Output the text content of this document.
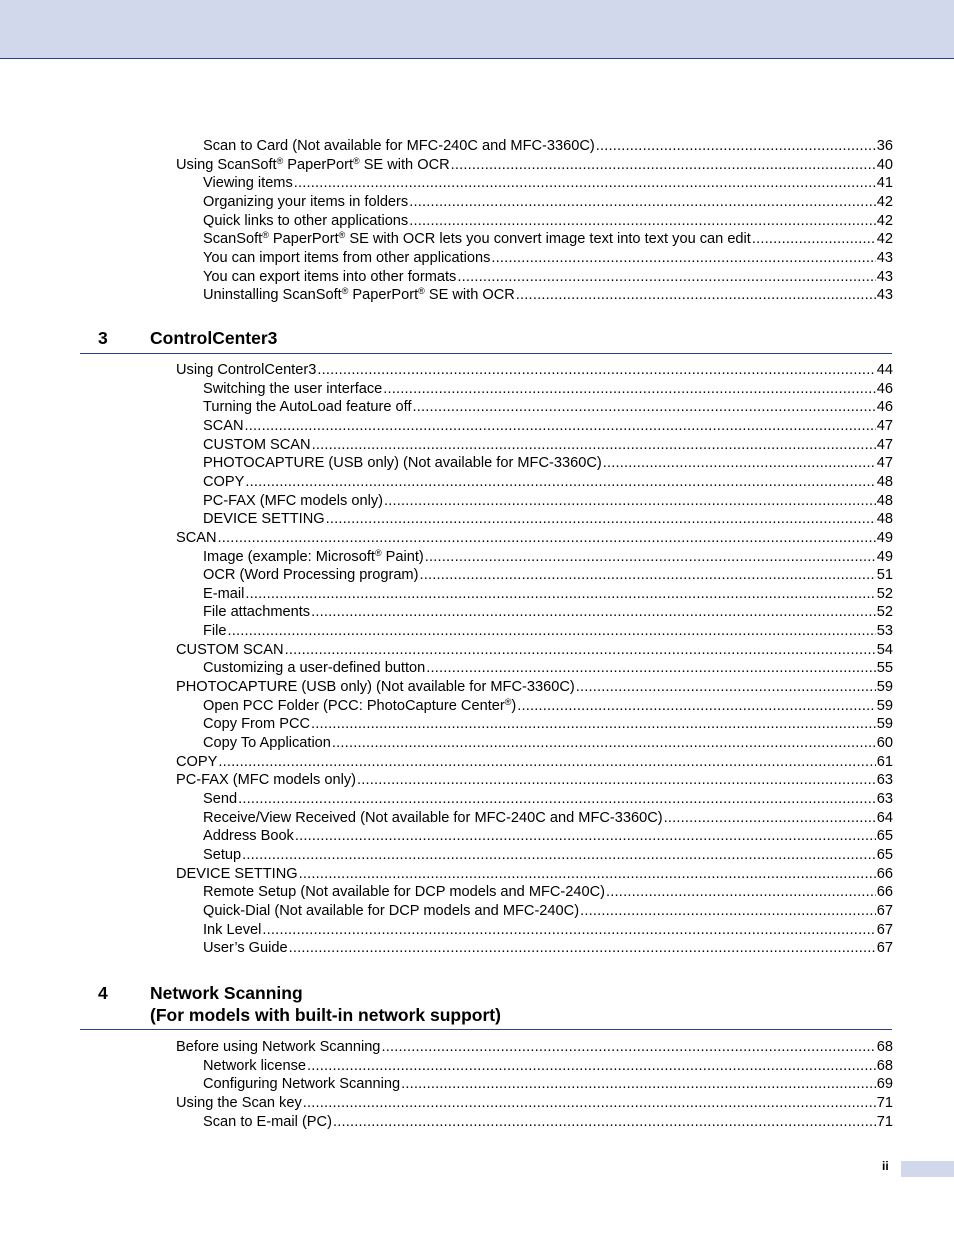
Scan to Card (Not available for MFC-240C and MFC-3360C) .....	36
Using ScanSoft® PaperPort® SE with OCR .....	40
Viewing items .....	41
Organizing your items in folders .....	42
Quick links to other applications .....	42
ScanSoft® PaperPort® SE with OCR lets you convert image text into text you can edit .....	42
You can import items from other applications .....	43
You can export items into other formats .....	43
Uninstalling ScanSoft® PaperPort® SE with OCR .....	43
3 ControlCenter3
Using ControlCenter3 .....	44
Switching the user interface .....	46
Turning the AutoLoad feature off .....	46
SCAN .....	47
CUSTOM SCAN .....	47
PHOTOCAPTURE (USB only) (Not available for MFC-3360C) .....	47
COPY .....	48
PC-FAX (MFC models only) .....	48
DEVICE SETTING .....	48
SCAN .....	49
Image (example: Microsoft® Paint) .....	49
OCR (Word Processing program) .....	51
E-mail .....	52
File attachments .....	52
File .....	53
CUSTOM SCAN .....	54
Customizing a user-defined button .....	55
PHOTOCAPTURE (USB only) (Not available for MFC-3360C) .....	59
Open PCC Folder (PCC: PhotoCapture Center®) .....	59
Copy From PCC .....	59
Copy To Application .....	60
COPY .....	61
PC-FAX (MFC models only) .....	63
Send .....	63
Receive/View Received (Not available for MFC-240C and MFC-3360C) .....	64
Address Book .....	65
Setup .....	65
DEVICE SETTING .....	66
Remote Setup (Not available for DCP models and MFC-240C) .....	66
Quick-Dial (Not available for DCP models and MFC-240C) .....	67
Ink Level .....	67
User’s Guide .....	67
4 Network Scanning
(For models with built-in network support)
Before using Network Scanning .....	68
Network license .....	68
Configuring Network Scanning .....	69
Using the Scan key .....	71
Scan to E-mail (PC) .....	71
ii
